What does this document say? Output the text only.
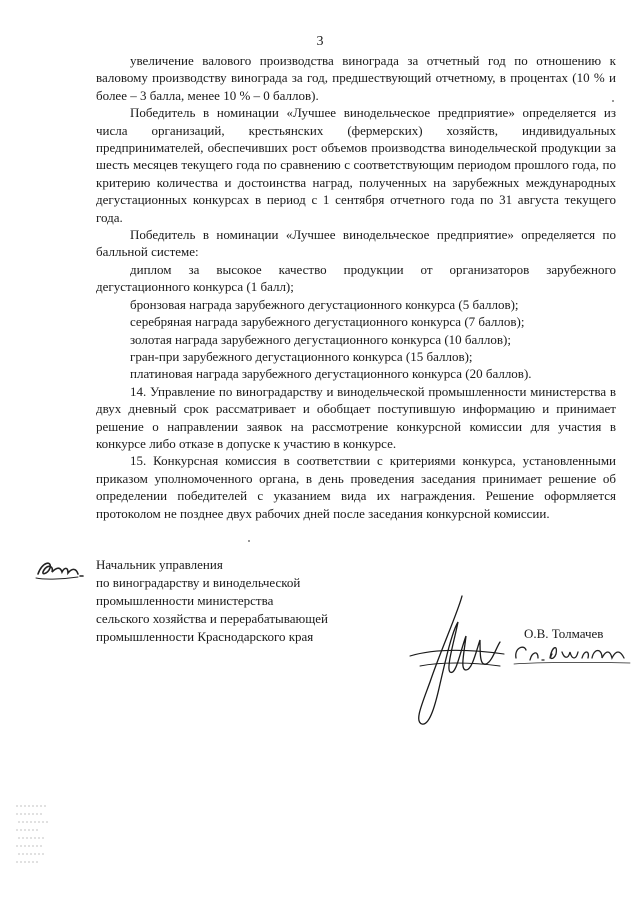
3

увеличение валового производства винограда за отчетный год по отношению к валовому производству винограда за год, предшествующий отчетному, в процентах (10 % и более – 3 балла, менее 10 % – 0 баллов).

Победитель в номинации «Лучшее винодельческое предприятие» определяется из числа организаций, крестьянских (фермерских) хозяйств, индивидуальных предпринимателей, обеспечивших рост объемов производства винодельческой продукции за шесть месяцев текущего года по сравнению с соответствующим периодом прошлого года, по критерию количества и достоинства наград, полученных на зарубежных международных дегустационных конкурсах в период с 1 сентября отчетного года по 31 августа текущего года.

Победитель в номинации «Лучшее винодельческое предприятие» определяется по балльной системе:

диплом за высокое качество продукции от организаторов зарубежного дегустационного конкурса (1 балл);

бронзовая награда зарубежного дегустационного конкурса (5 баллов);

серебряная награда зарубежного дегустационного конкурса (7 баллов);

золотая награда зарубежного дегустационного конкурса (10 баллов);

гран-при зарубежного дегустационного конкурса (15 баллов);

платиновая награда зарубежного дегустационного конкурса (20 баллов).

14. Управление по виноградарству и винодельческой промышленности министерства в двух дневный срок рассматривает и обобщает поступившую информацию и принимает решение о направлении заявок на рассмотрение конкурсной комиссии для участия в конкурсе либо отказе в допуске к участию в конкурсе.

15. Конкурсная комиссия в соответствии с критериями конкурса, установленными приказом уполномоченного органа, в день проведения заседания принимает решение об определении победителей с указанием вида их награждения. Решение оформляется протоколом не позднее двух рабочих дней после заседания конкурсной комиссии.

Начальник управления
по виноградарству и винодельческой
промышленности министерства
сельского хозяйства и перерабатывающей
промышленности Краснодарского края	О.В. Толмачев
